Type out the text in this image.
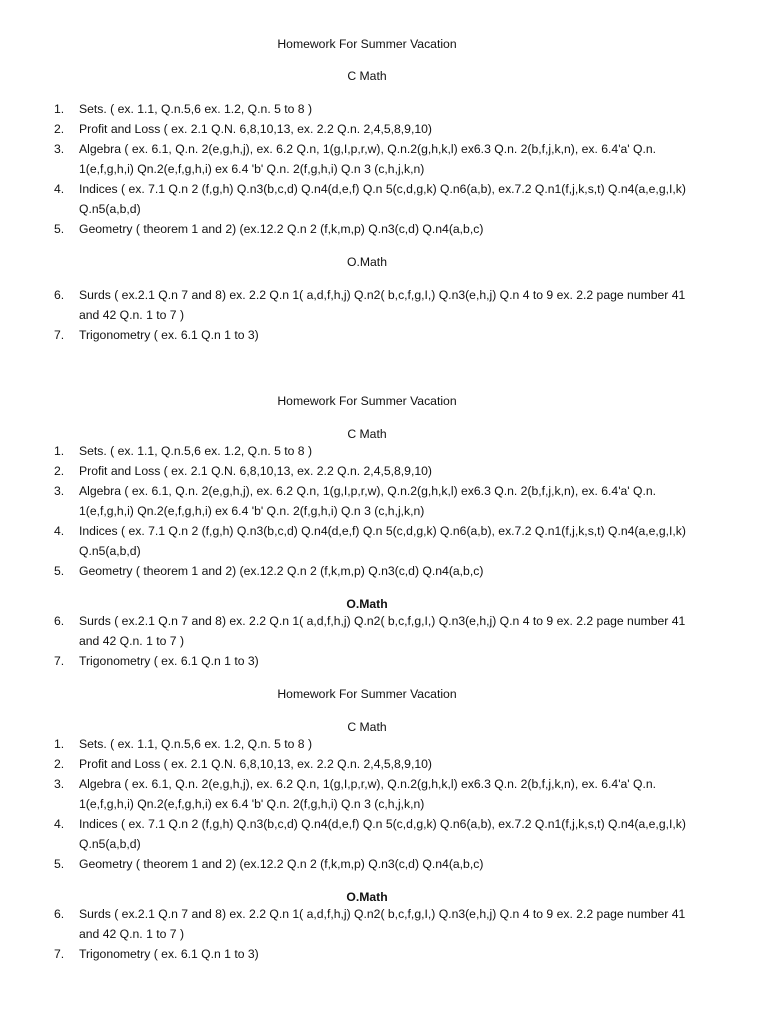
Homework For Summer Vacation
C Math
1. Sets. ( ex. 1.1, Q.n.5,6 ex. 1.2, Q.n. 5 to 8 )
2. Profit and Loss ( ex. 2.1 Q.N. 6,8,10,13, ex. 2.2 Q.n. 2,4,5,8,9,10)
3. Algebra ( ex. 6.1, Q.n. 2(e,g,h,j), ex. 6.2 Q.n, 1(g,I,p,r,w), Q.n.2(g,h,k,l) ex6.3 Q.n. 2(b,f,j,k,n), ex. 6.4'a' Q.n. 1(e,f,g,h,i) Qn.2(e,f,g,h,i) ex 6.4 'b' Q.n. 2(f,g,h,i) Q.n 3 (c,h,j,k,n)
4. Indices ( ex. 7.1 Q.n 2 (f,g,h) Q.n3(b,c,d) Q.n4(d,e,f) Q.n 5(c,d,g,k) Q.n6(a,b), ex.7.2 Q.n1(f,j,k,s,t) Q.n4(a,e,g,I,k) Q.n5(a,b,d)
5. Geometry ( theorem 1 and 2) (ex.12.2 Q.n 2 (f,k,m,p) Q.n3(c,d) Q.n4(a,b,c)
O.Math
6. Surds ( ex.2.1 Q.n 7 and 8) ex. 2.2 Q.n 1( a,d,f,h,j) Q.n2( b,c,f,g,I,) Q.n3(e,h,j) Q.n 4 to 9 ex. 2.2 page number 41 and 42 Q.n. 1 to 7 )
7. Trigonometry ( ex. 6.1 Q.n 1 to 3)
Homework For Summer Vacation
C Math
1. Sets. ( ex. 1.1, Q.n.5,6 ex. 1.2, Q.n. 5 to 8 )
2. Profit and Loss ( ex. 2.1 Q.N. 6,8,10,13, ex. 2.2 Q.n. 2,4,5,8,9,10)
3. Algebra ( ex. 6.1, Q.n. 2(e,g,h,j), ex. 6.2 Q.n, 1(g,I,p,r,w), Q.n.2(g,h,k,l) ex6.3 Q.n. 2(b,f,j,k,n), ex. 6.4'a' Q.n. 1(e,f,g,h,i) Qn.2(e,f,g,h,i) ex 6.4 'b' Q.n. 2(f,g,h,i) Q.n 3 (c,h,j,k,n)
4. Indices ( ex. 7.1 Q.n 2 (f,g,h) Q.n3(b,c,d) Q.n4(d,e,f) Q.n 5(c,d,g,k) Q.n6(a,b), ex.7.2 Q.n1(f,j,k,s,t) Q.n4(a,e,g,I,k) Q.n5(a,b,d)
5. Geometry ( theorem 1 and 2) (ex.12.2 Q.n 2 (f,k,m,p) Q.n3(c,d) Q.n4(a,b,c)
O.Math
6. Surds ( ex.2.1 Q.n 7 and 8) ex. 2.2 Q.n 1( a,d,f,h,j) Q.n2( b,c,f,g,I,) Q.n3(e,h,j) Q.n 4 to 9 ex. 2.2 page number 41 and 42 Q.n. 1 to 7 )
7. Trigonometry ( ex. 6.1 Q.n 1 to 3)
Homework For Summer Vacation
C Math
1. Sets. ( ex. 1.1, Q.n.5,6 ex. 1.2, Q.n. 5 to 8 )
2. Profit and Loss ( ex. 2.1 Q.N. 6,8,10,13, ex. 2.2 Q.n. 2,4,5,8,9,10)
3. Algebra ( ex. 6.1, Q.n. 2(e,g,h,j), ex. 6.2 Q.n, 1(g,I,p,r,w), Q.n.2(g,h,k,l) ex6.3 Q.n. 2(b,f,j,k,n), ex. 6.4'a' Q.n. 1(e,f,g,h,i) Qn.2(e,f,g,h,i) ex 6.4 'b' Q.n. 2(f,g,h,i) Q.n 3 (c,h,j,k,n)
4. Indices ( ex. 7.1 Q.n 2 (f,g,h) Q.n3(b,c,d) Q.n4(d,e,f) Q.n 5(c,d,g,k) Q.n6(a,b), ex.7.2 Q.n1(f,j,k,s,t) Q.n4(a,e,g,I,k) Q.n5(a,b,d)
5. Geometry ( theorem 1 and 2) (ex.12.2 Q.n 2 (f,k,m,p) Q.n3(c,d) Q.n4(a,b,c)
O.Math
6. Surds ( ex.2.1 Q.n 7 and 8) ex. 2.2 Q.n 1( a,d,f,h,j) Q.n2( b,c,f,g,I,) Q.n3(e,h,j) Q.n 4 to 9 ex. 2.2 page number 41 and 42 Q.n. 1 to 7 )
7. Trigonometry ( ex. 6.1 Q.n 1 to 3)
